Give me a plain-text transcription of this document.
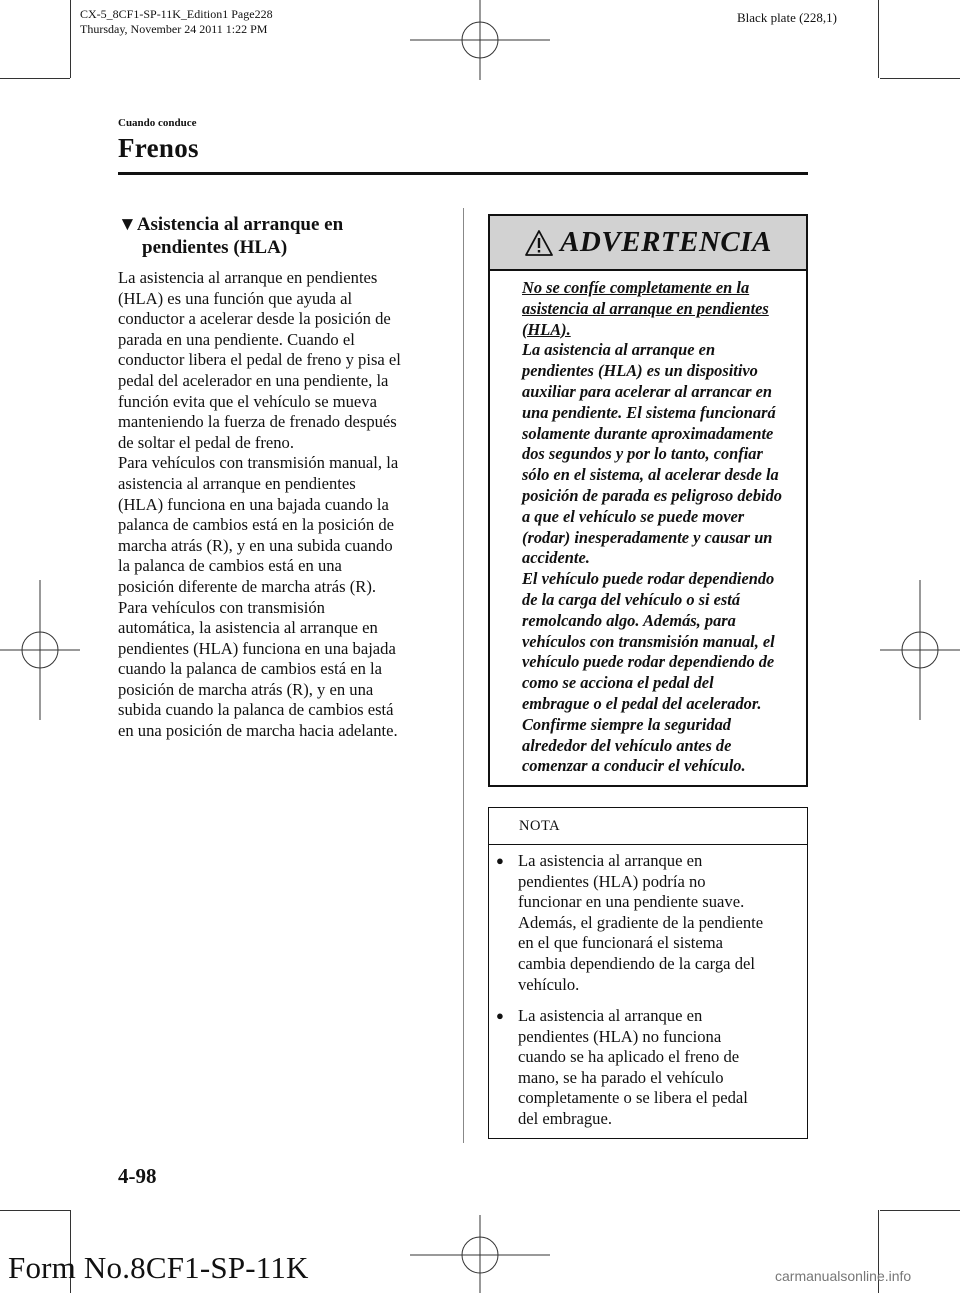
CX-5_8CF1-SP-11K_Edition1 Page228
Thursday, November 24 2011 1:22 PM
Black plate (228,1)
Cuando conduce
Frenos
▼Asistencia al arranque en
pendientes (HLA)

La asistencia al arranque en pendientes

(HLA) es una función que ayuda al

conductor a acelerar desde la posición de

parada en una pendiente. Cuando el

conductor libera el pedal de freno y pisa el

pedal del acelerador en una pendiente, la

función evita que el vehículo se mueva

manteniendo la fuerza de frenado después

de soltar el pedal de freno.

Para vehículos con transmisión manual, la

asistencia al arranque en pendientes

(HLA) funciona en una bajada cuando la

palanca de cambios está en la posición de

marcha atrás (R), y en una subida cuando

la palanca de cambios está en una

posición diferente de marcha atrás (R).

Para vehículos con transmisión

automática, la asistencia al arranque en

pendientes (HLA) funciona en una bajada

cuando la palanca de cambios está en la

posición de marcha atrás (R), y en una

subida cuando la palanca de cambios está

en una posición de marcha hacia adelante.

ADVERTENCIA
No se confíe completamente en la
asistencia al arranque en pendientes
(HLA).
La asistencia al arranque en
pendientes (HLA) es un dispositivo
auxiliar para acelerar al arrancar en
una pendiente. El sistema funcionará
solamente durante aproximadamente
dos segundos y por lo tanto, confiar
sólo en el sistema, al acelerar desde la
posición de parada es peligroso debido
a que el vehículo se puede mover
(rodar) inesperadamente y causar un
accidente.
El vehículo puede rodar dependiendo
de la carga del vehículo o si está
remolcando algo. Además, para
vehículos con transmisión manual, el
vehículo puede rodar dependiendo de
como se acciona el pedal del
embrague o el pedal del acelerador.
Confirme siempre la seguridad
alrededor del vehículo antes de
comenzar a conducir el vehículo.
NOTA
● La asistencia al arranque en
pendientes (HLA) podría no
funcionar en una pendiente suave.
Además, el gradiente de la pendiente
en el que funcionará el sistema
cambia dependiendo de la carga del
vehículo.
● La asistencia al arranque en
pendientes (HLA) no funciona
cuando se ha aplicado el freno de
mano, se ha parado el vehículo
completamente o se libera el pedal
del embrague.
4-98
Form No.8CF1-SP-11K	carmanualsonline.info
